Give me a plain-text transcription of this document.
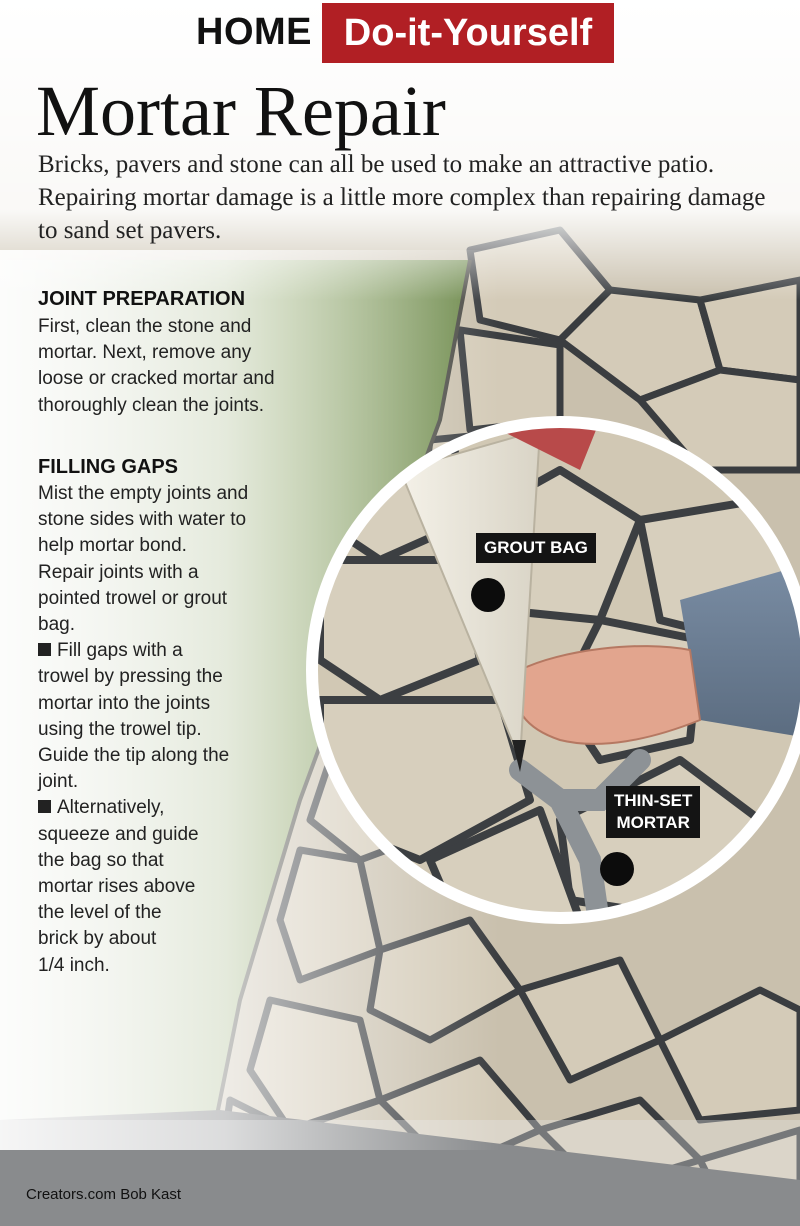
HOME Do-it-Yourself
Mortar Repair

Bricks, pavers and stone can all be used to make an attractive patio. Repairing mortar damage is a little more complex than repairing damage to sand set pavers.

JOINT PREPARATION
First, clean the stone and
mortar. Next, remove any
loose or cracked mortar and
thoroughly clean the joints.
FILLING GAPS
Mist the empty joints and
stone sides with water to
help mortar bond.
Repair joints with a
pointed trowel or grout
bag.
Fill gaps with a
trowel by pressing the
mortar into the joints
using the trowel tip.
Guide the tip along the
joint.
Alternatively,
squeeze and guide
the bag so that
mortar rises above
the level of the
brick by about
1/4 inch.
GROUT BAG
THIN-SET
MORTAR
Creators.com Bob Kast
